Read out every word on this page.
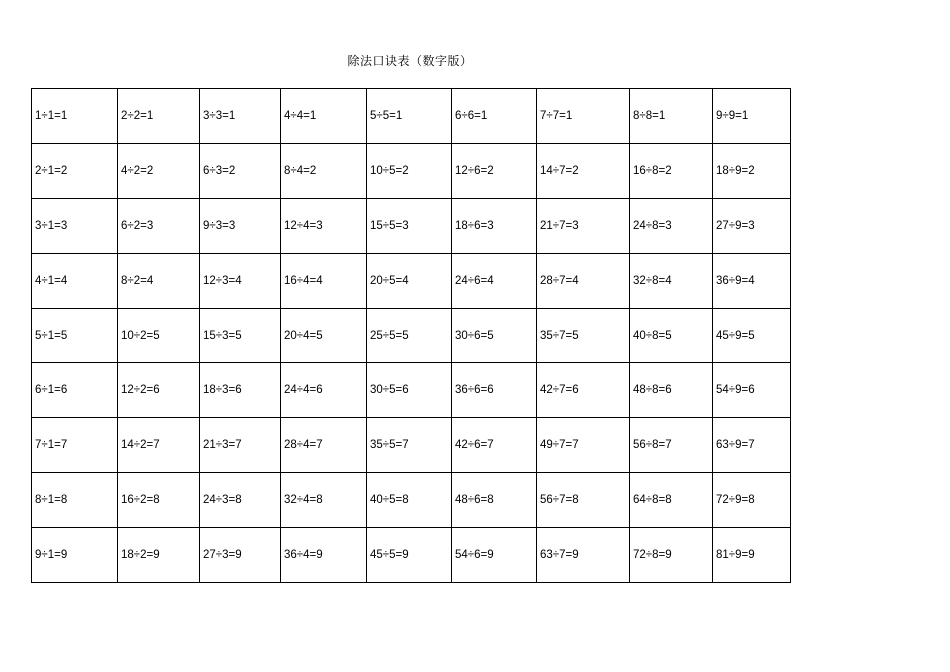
除法口诀表（数字版）
1÷1=1	2÷2=1	3÷3=1	4÷4=1	5÷5=1	6÷6=1	7÷7=1	8÷8=1	9÷9=1
2÷1=2	4÷2=2	6÷3=2	8÷4=2	10÷5=2	12÷6=2	14÷7=2	16÷8=2	18÷9=2
3÷1=3	6÷2=3	9÷3=3	12÷4=3	15÷5=3	18÷6=3	21÷7=3	24÷8=3	27÷9=3
4÷1=4	8÷2=4	12÷3=4	16÷4=4	20÷5=4	24÷6=4	28÷7=4	32÷8=4	36÷9=4
5÷1=5	10÷2=5	15÷3=5	20÷4=5	25÷5=5	30÷6=5	35÷7=5	40÷8=5	45÷9=5
6÷1=6	12÷2=6	18÷3=6	24÷4=6	30÷5=6	36÷6=6	42÷7=6	48÷8=6	54÷9=6
7÷1=7	14÷2=7	21÷3=7	28÷4=7	35÷5=7	42÷6=7	49÷7=7	56÷8=7	63÷9=7
8÷1=8	16÷2=8	24÷3=8	32÷4=8	40÷5=8	48÷6=8	56÷7=8	64÷8=8	72÷9=8
9÷1=9	18÷2=9	27÷3=9	36÷4=9	45÷5=9	54÷6=9	63÷7=9	72÷8=9	81÷9=9
